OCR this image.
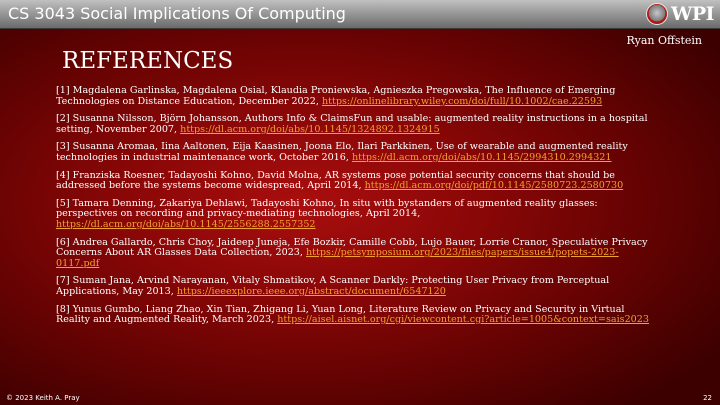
CS 3043 Social Implications Of Computing	WPI
Ryan Offstein
REFERENCES

[1] Magdalena Garlinska, Magdalena Osial, Klaudia Proniewska, Agnieszka Pregowska, The Influence of Emerging Technologies on Distance Education, December 2022, https://onlinelibrary.wiley.com/doi/full/10.1002/cae.22593

[2] Susanna Nilsson, Björn Johansson, Authors Info & ClaimsFun and usable: augmented reality instructions in a hospital setting, November 2007, https://dl.acm.org/doi/abs/10.1145/1324892.1324915

[3] Susanna Aromaa, Iina Aaltonen, Eija Kaasinen, Joona Elo, Ilari Parkkinen, Use of wearable and augmented reality technologies in industrial maintenance work, October 2016, https://dl.acm.org/doi/abs/10.1145/2994310.2994321

[4] Franziska Roesner, Tadayoshi Kohno, David Molna, AR systems pose potential security concerns that should be addressed before the systems become widespread, April 2014, https://dl.acm.org/doi/pdf/10.1145/2580723.2580730

[5] Tamara Denning, Zakariya Dehlawi, Tadayoshi Kohno, In situ with bystanders of augmented reality glasses: perspectives on recording and privacy-mediating technologies, April 2014, https://dl.acm.org/doi/abs/10.1145/2556288.2557352

[6] Andrea Gallardo, Chris Choy, Jaideep Juneja, Efe Bozkir, Camille Cobb, Lujo Bauer, Lorrie Cranor, Speculative Privacy Concerns About AR Glasses Data Collection, 2023, https://petsymposium.org/2023/files/papers/issue4/popets-2023-0117.pdf

[7] Suman Jana, Arvind Narayanan, Vitaly Shmatikov, A Scanner Darkly: Protecting User Privacy from Perceptual Applications, May 2013, https://ieeexplore.ieee.org/abstract/document/6547120

[8] Yunus Gumbo, Liang Zhao, Xin Tian, Zhigang Li, Yuan Long, Literature Review on Privacy and Security in Virtual Reality and Augmented Reality, March 2023, https://aisel.aisnet.org/cgi/viewcontent.cgi?article=1005&context=sais2023

© 2023 Keith A. Pray	22
